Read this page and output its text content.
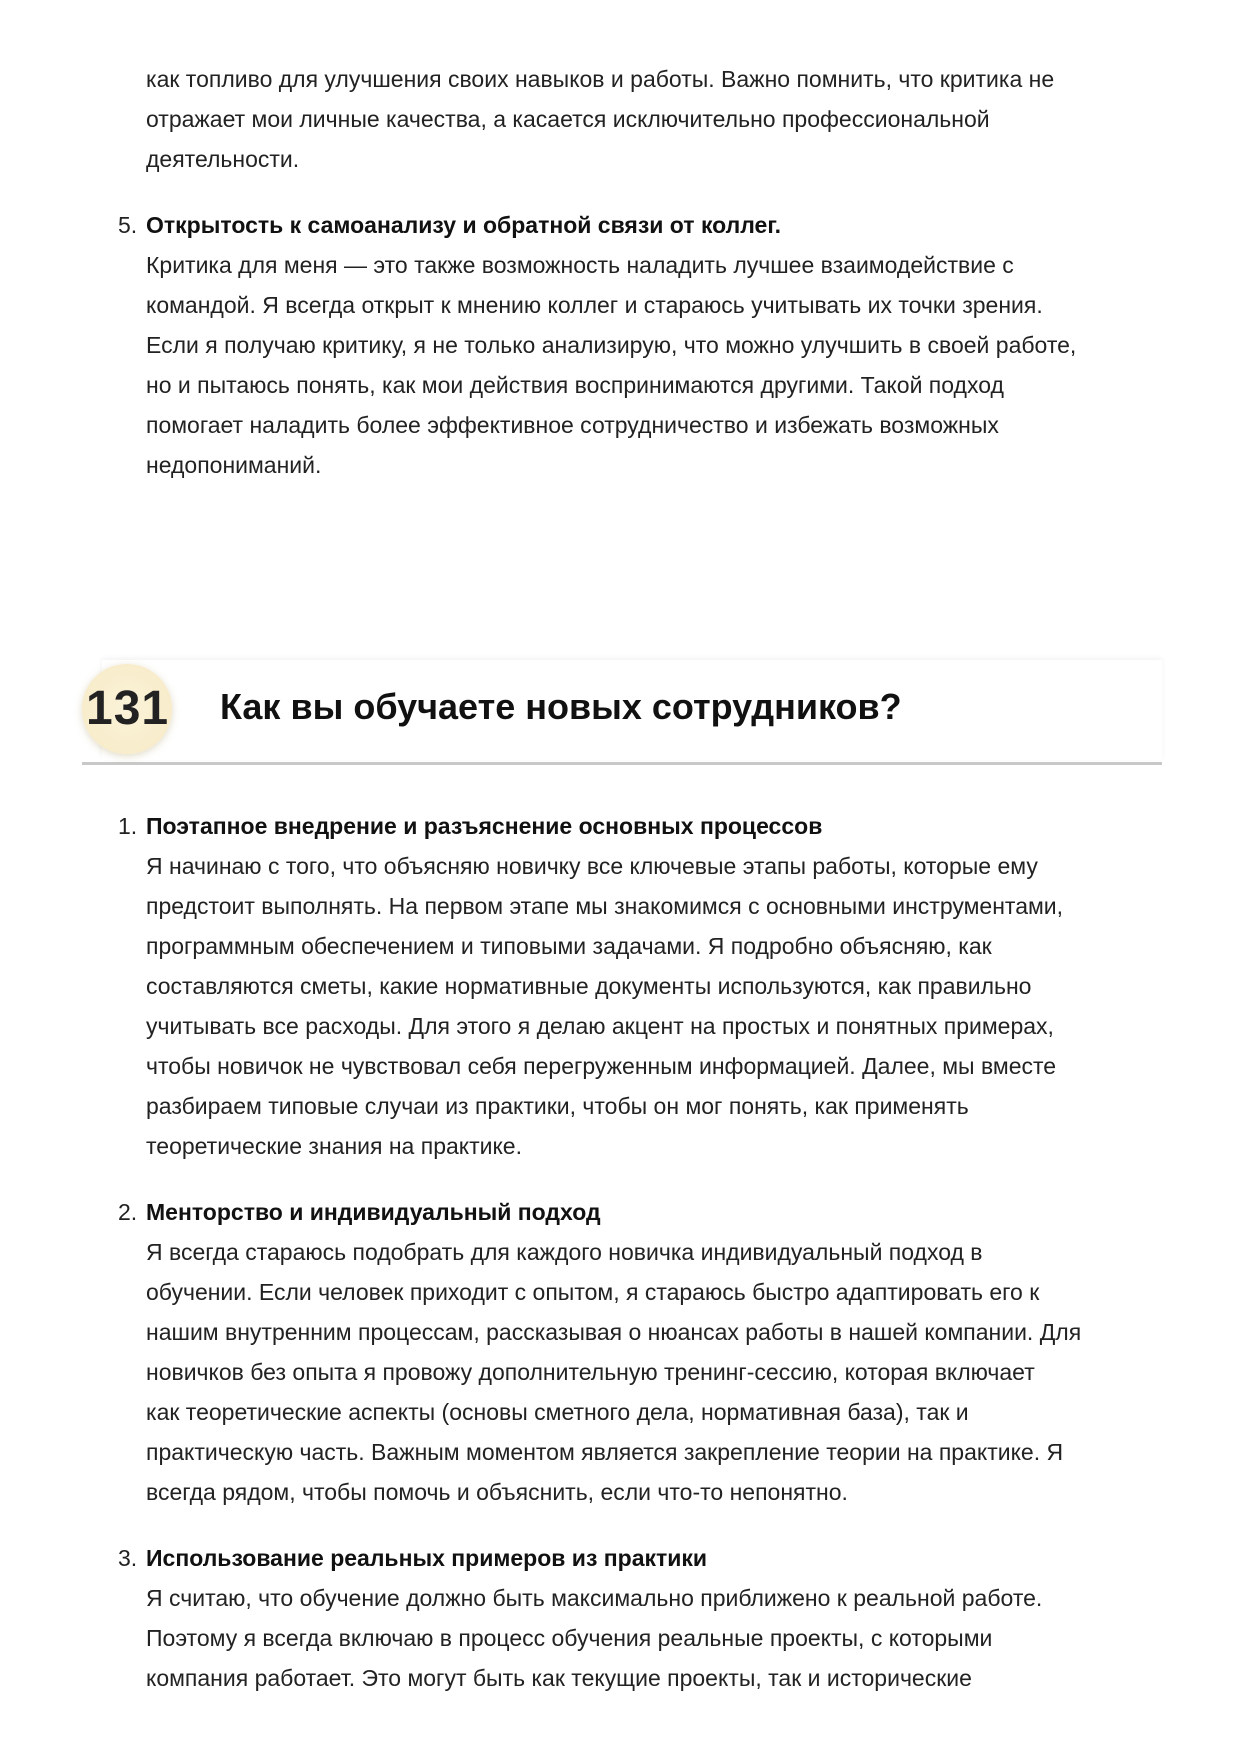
как топливо для улучшения своих навыков и работы. Важно помнить, что критика не

отражает мои личные качества, а касается исключительно профессиональной

деятельности.

5. Открытость к самоанализу и обратной связи от коллег.

Критика для меня — это также возможность наладить лучшее взаимодействие с

командой. Я всегда открыт к мнению коллег и стараюсь учитывать их точки зрения.

Если я получаю критику, я не только анализирую, что можно улучшить в своей работе,

но и пытаюсь понять, как мои действия воспринимаются другими. Такой подход

помогает наладить более эффективное сотрудничество и избежать возможных

недопониманий.

131 Как вы обучаете новых сотрудников?
1. Поэтапное внедрение и разъяснение основных процессов

Я начинаю с того, что объясняю новичку все ключевые этапы работы, которые ему

предстоит выполнять. На первом этапе мы знакомимся с основными инструментами,

программным обеспечением и типовыми задачами. Я подробно объясняю, как

составляются сметы, какие нормативные документы используются, как правильно

учитывать все расходы. Для этого я делаю акцент на простых и понятных примерах,

чтобы новичок не чувствовал себя перегруженным информацией. Далее, мы вместе

разбираем типовые случаи из практики, чтобы он мог понять, как применять

теоретические знания на практике.

2. Менторство и индивидуальный подход

Я всегда стараюсь подобрать для каждого новичка индивидуальный подход в

обучении. Если человек приходит с опытом, я стараюсь быстро адаптировать его к

нашим внутренним процессам, рассказывая о нюансах работы в нашей компании. Для

новичков без опыта я провожу дополнительную тренинг-сессию, которая включает

как теоретические аспекты (основы сметного дела, нормативная база), так и

практическую часть. Важным моментом является закрепление теории на практике. Я

всегда рядом, чтобы помочь и объяснить, если что-то непонятно.

3. Использование реальных примеров из практики

Я считаю, что обучение должно быть максимально приближено к реальной работе.

Поэтому я всегда включаю в процесс обучения реальные проекты, с которыми

компания работает. Это могут быть как текущие проекты, так и исторические
